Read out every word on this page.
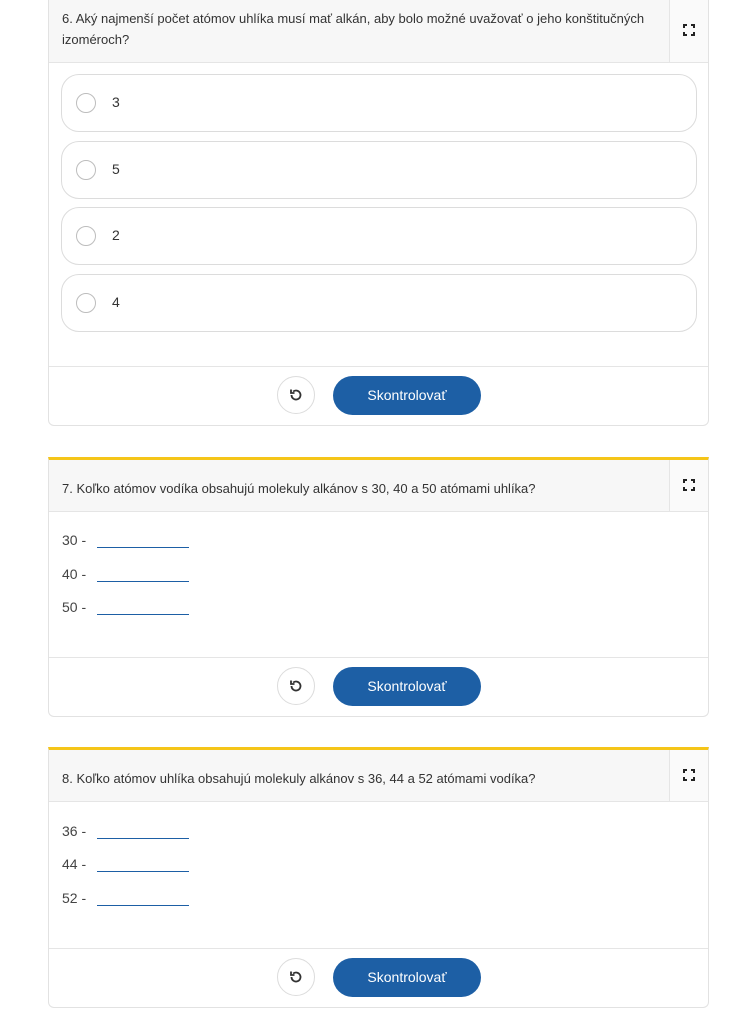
6. Aký najmenší počet atómov uhlíka musí mať alkán, aby bolo možné uvažovať o jeho konštitučných izoméroch?
3
5
2
4
Skontrolovať
7. Koľko atómov vodíka obsahujú molekuly alkánov s 30, 40 a 50 atómami uhlíka?
30 -
40 -
50 -
Skontrolovať
8. Koľko atómov uhlíka obsahujú molekuly alkánov s 36, 44 a 52 atómami vodíka?
36 -
44 -
52 -
Skontrolovať
